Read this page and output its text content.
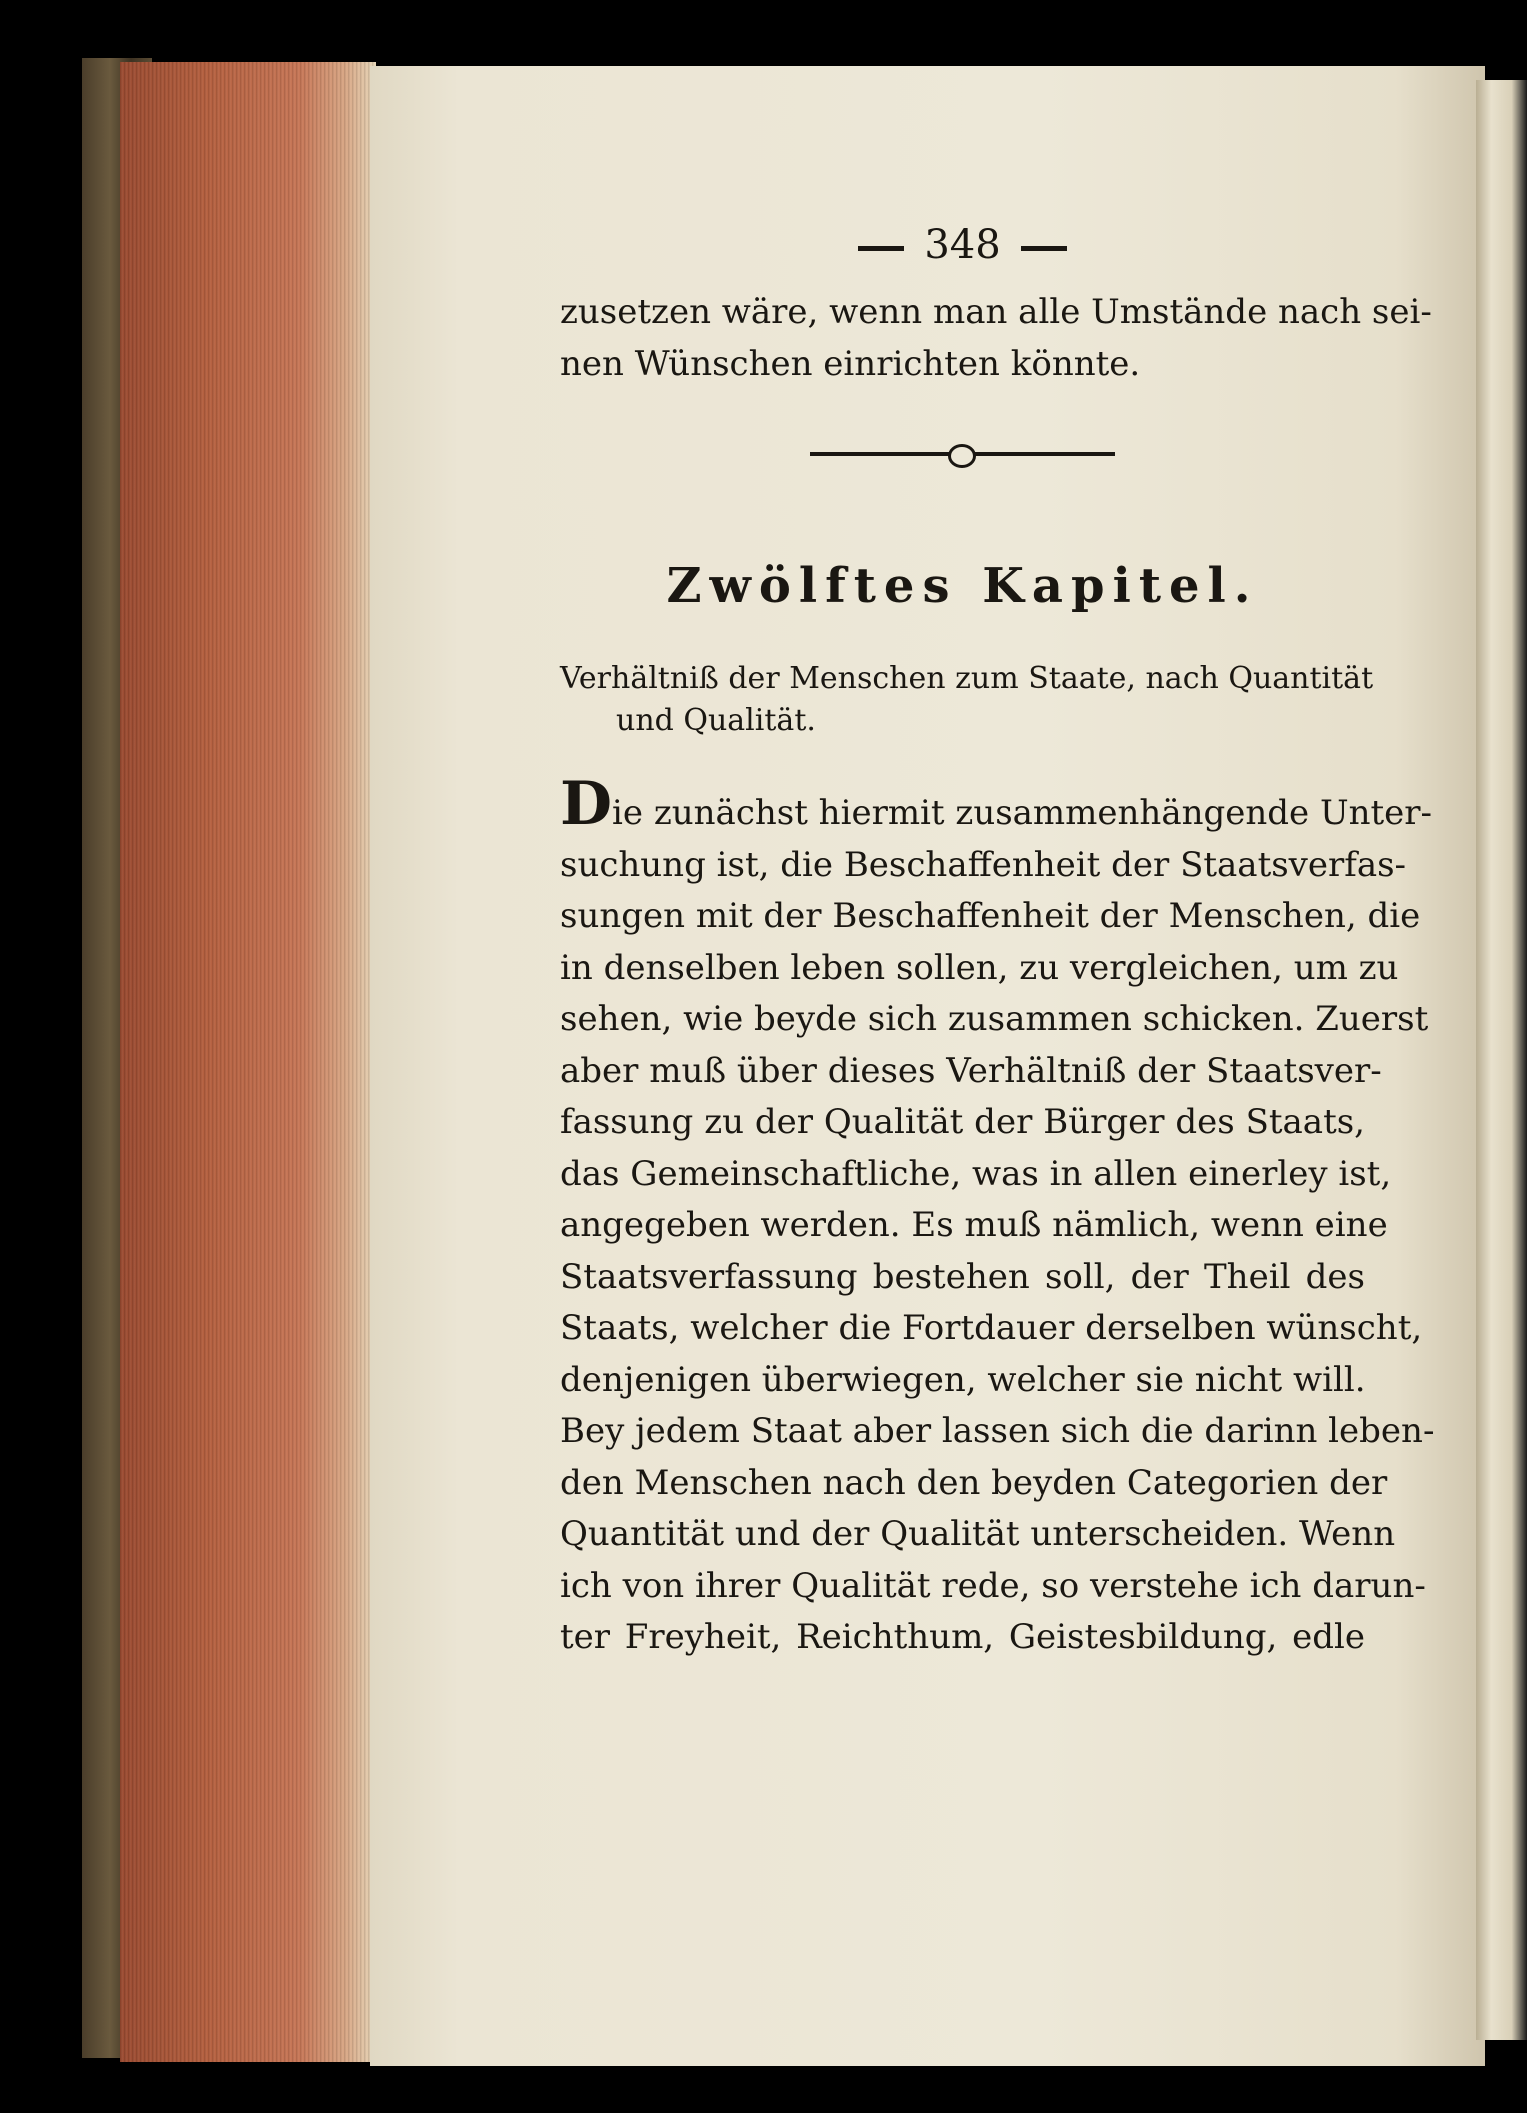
348
zusetzen wäre, wenn man alle Umstände nach sei-
nen Wünschen einrichten könnte.
Zwölftes Kapitel.
Verhältniß der Menschen zum Staate, nach Quantität
und Qualität.
Die zunächst hiermit zusammenhängende Unter-
suchung ist, die Beschaffenheit der Staatsverfas-
sungen mit der Beschaffenheit der Menschen, die
in denselben leben sollen, zu vergleichen, um zu
sehen, wie beyde sich zusammen schicken. Zuerst
aber muß über dieses Verhältniß der Staatsver-
fassung zu der Qualität der Bürger des Staats,
das Gemeinschaftliche, was in allen einerley ist,
angegeben werden. Es muß nämlich, wenn eine
Staatsverfassung bestehen soll, der Theil des
Staats, welcher die Fortdauer derselben wünscht,
denjenigen überwiegen, welcher sie nicht will.
Bey jedem Staat aber lassen sich die darinn leben-
den Menschen nach den beyden Categorien der
Quantität und der Qualität unterscheiden. Wenn
ich von ihrer Qualität rede, so verstehe ich darun-
ter Freyheit, Reichthum, Geistesbildung, edle
